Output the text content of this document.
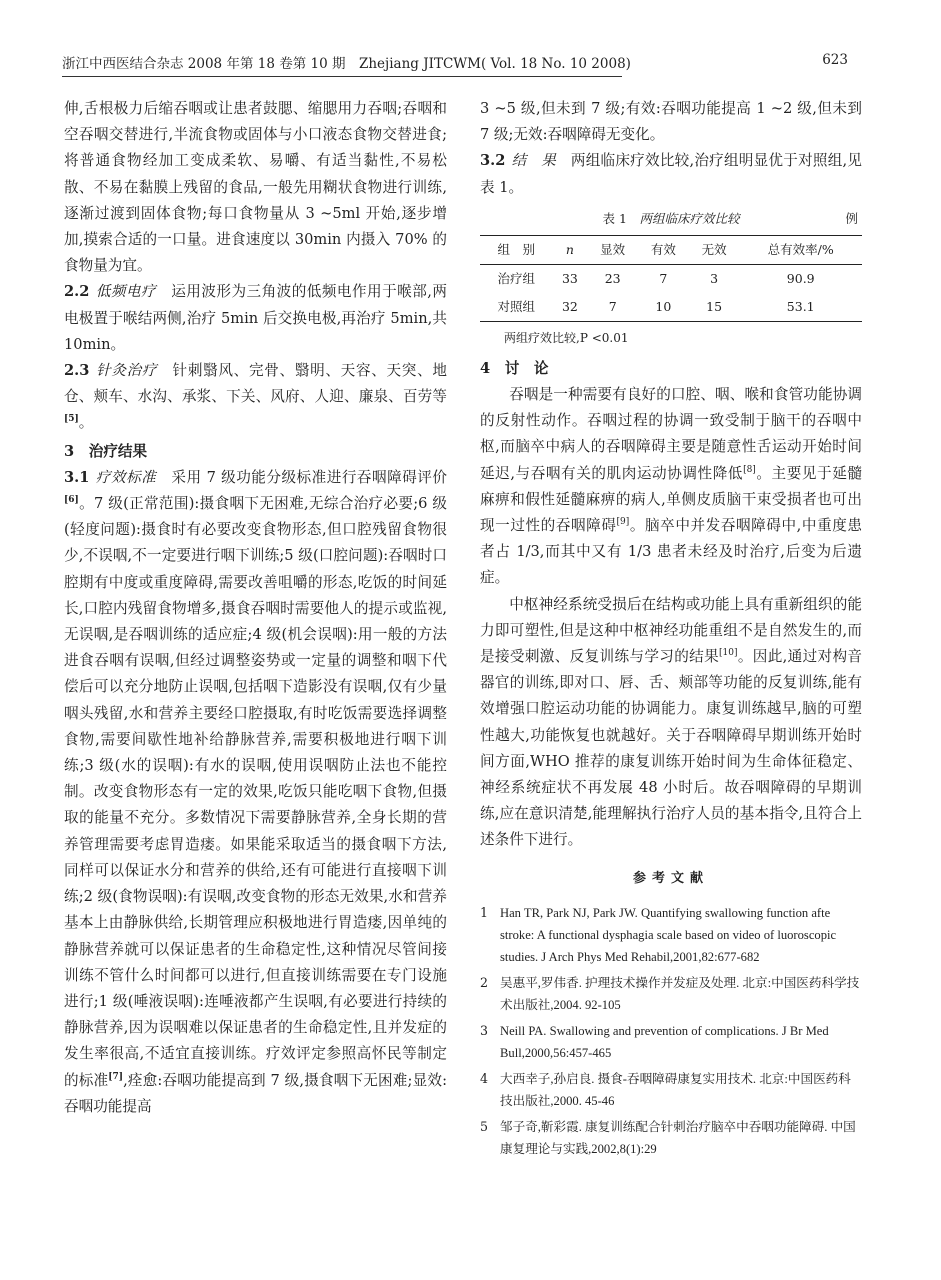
浙江中西医结合杂志 2008 年第 18 卷第 10 期　Zhejiang JITCWM( Vol. 18 No. 10 2008)	623

伸,舌根极力后缩吞咽或让患者鼓腮、缩腮用力吞咽;吞咽和空吞咽交替进行,半流食物或固体与小口液态食物交替进食;将普通食物经加工变成柔软、易嚼、有适当黏性,不易松散、不易在黏膜上残留的食品,一般先用糊状食物进行训练,逐渐过渡到固体食物;每口食物量从 3 ~5ml 开始,逐步增加,摸索合适的一口量。进食速度以 30min 内摄入 70% 的食物量为宜。

2.2 低频电疗　 运用波形为三角波的低频电作用于喉部,两电极置于喉结两侧,治疗 5min 后交换电极,再治疗 5min,共 10min。

2.3 针灸治疗　 针刺翳风、完骨、翳明、天容、天突、地仓、颊车、水沟、承浆、下关、风府、人迎、廉泉、百劳等[5]。

3　治疗结果

3.1 疗效标准　 采用 7 级功能分级标准进行吞咽障碍评价[6]。7 级(正常范围):摄食咽下无困难,无综合治疗必要;6 级(轻度问题):摄食时有必要改变食物形态,但口腔残留食物很少,不误咽,不一定要进行咽下训练;5 级(口腔问题):吞咽时口腔期有中度或重度障碍,需要改善咀嚼的形态,吃饭的时间延长,口腔内残留食物增多,摄食吞咽时需要他人的提示或监视,无误咽,是吞咽训练的适应症;4 级(机会误咽):用一般的方法进食吞咽有误咽,但经过调整姿势或一定量的调整和咽下代偿后可以充分地防止误咽,包括咽下造影没有误咽,仅有少量咽头残留,水和营养主要经口腔摄取,有时吃饭需要选择调整食物,需要间歇性地补给静脉营养,需要积极地进行咽下训练;3 级(水的误咽):有水的误咽,使用误咽防止法也不能控制。改变食物形态有一定的效果,吃饭只能吃咽下食物,但摄取的能量不充分。多数情况下需要静脉营养,全身长期的营养管理需要考虑胃造瘘。如果能采取适当的摄食咽下方法,同样可以保证水分和营养的供给,还有可能进行直接咽下训练;2 级(食物误咽):有误咽,改变食物的形态无效果,水和营养基本上由静脉供给,长期管理应积极地进行胃造瘘,因单纯的静脉营养就可以保证患者的生命稳定性,这种情况尽管间接训练不管什么时间都可以进行,但直接训练需要在专门设施进行;1 级(唾液误咽):连唾液都产生误咽,有必要进行持续的静脉营养,因为误咽难以保证患者的生命稳定性,且并发症的发生率很高,不适宜直接训练。疗效评定参照高怀民等制定的标准[7],痊愈:吞咽功能提高到 7 级,摄食咽下无困难;显效:吞咽功能提高

3 ~5 级,但未到 7 级;有效:吞咽功能提高 1 ~2 级,但未到 7 级;无效:吞咽障碍无变化。

3.2 结　果　 两组临床疗效比较,治疗组明显优于对照组,见表 1。

表 1　 两组临床疗效比较	例
组　别	n	显效	有效	无效	总有效率/%
治疗组	33	23	7	3	90.9
对照组	32	7	10	15	53.1
两组疗效比较,P <0.01

4　讨　论

吞咽是一种需要有良好的口腔、咽、喉和食管功能协调的反射性动作。吞咽过程的协调一致受制于脑干的吞咽中枢,而脑卒中病人的吞咽障碍主要是随意性舌运动开始时间延迟,与吞咽有关的肌肉运动协调性降低[8]。主要见于延髓麻痹和假性延髓麻痹的病人,单侧皮质脑干束受损者也可出现一过性的吞咽障碍[9]。脑卒中并发吞咽障碍中,中重度患者占 1/3,而其中又有 1/3 患者未经及时治疗,后变为后遗症。

中枢神经系统受损后在结构或功能上具有重新组织的能力即可塑性,但是这种中枢神经功能重组不是自然发生的,而是接受刺激、反复训练与学习的结果[10]。因此,通过对构音器官的训练,即对口、唇、舌、颊部等功能的反复训练,能有效增强口腔运动功能的协调能力。康复训练越早,脑的可塑性越大,功能恢复也就越好。关于吞咽障碍早期训练开始时间方面,WHO 推荐的康复训练开始时间为生命体征稳定、神经系统症状不再发展 48 小时后。故吞咽障碍的早期训练,应在意识清楚,能理解执行治疗人员的基本指令,且符合上述条件下进行。

参考文献
1 Han TR, Park NJ, Park JW. Quantifying swallowing function afte stroke: A functional dysphagia scale based on video of luoroscopic studies. J Arch Phys Med Rehabil,2001,82:677-682
2 吴惠平,罗伟香. 护理技术操作并发症及处理. 北京:中国医药科学技术出版社,2004. 92-105
3 Neill PA. Swallowing and prevention of complications. J Br Med Bull,2000,56:457-465
4 大西幸子,孙启良. 摄食-吞咽障碍康复实用技术. 北京:中国医药科技出版社,2000. 45-46
5 邹子奇,靳彩霞. 康复训练配合针刺治疗脑卒中吞咽功能障碍. 中国康复理论与实践,2002,8(1):29
